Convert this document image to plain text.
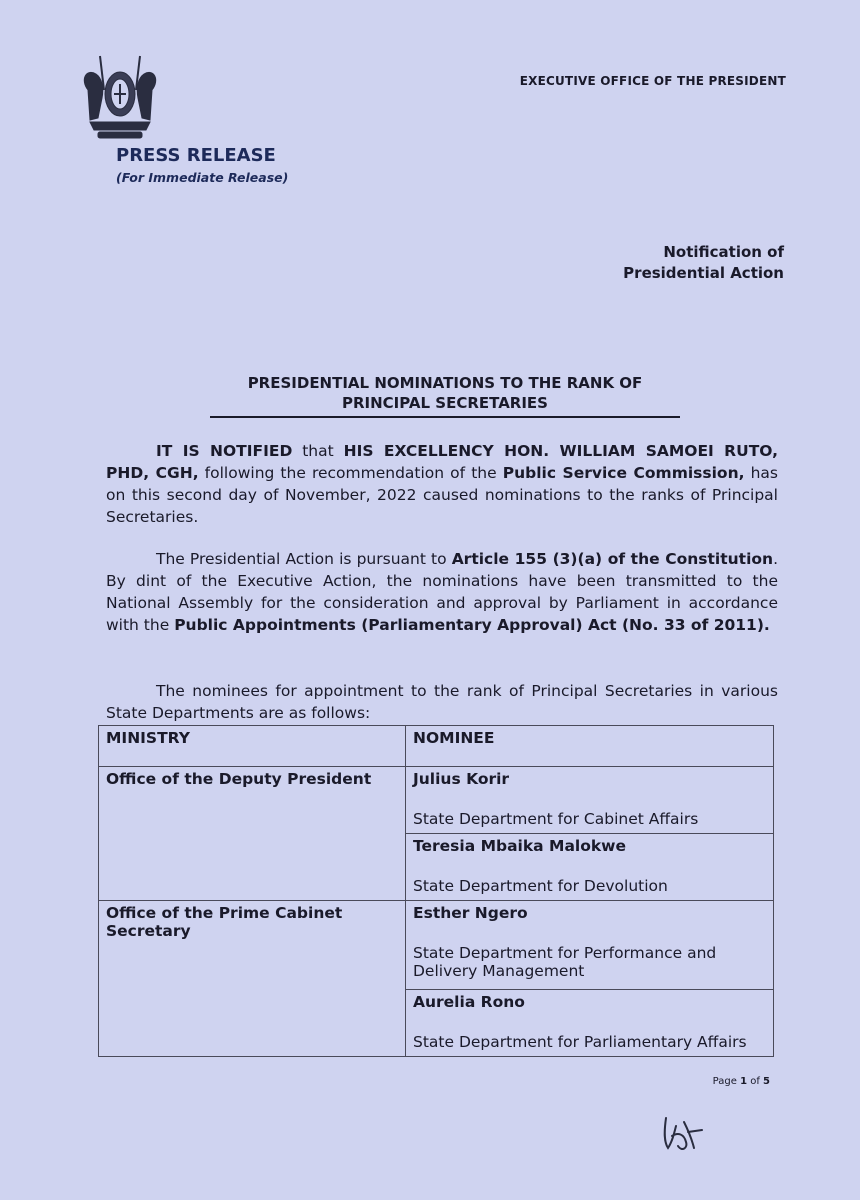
EXECUTIVE OFFICE OF THE PRESIDENT
PRESS RELEASE
(For Immediate Release)
Notification of
Presidential Action
PRESIDENTIAL NOMINATIONS TO THE RANK OF
PRINCIPAL SECRETARIES
IT IS NOTIFIED that HIS EXCELLENCY HON. WILLIAM SAMOEI RUTO, PHD, CGH, following the recommendation of the Public Service Commission, has on this second day of November, 2022 caused nominations to the ranks of Principal Secretaries.
The Presidential Action is pursuant to Article 155 (3)(a) of the Constitution. By dint of the Executive Action, the nominations have been transmitted to the National Assembly for the consideration and approval by Parliament in accordance with the Public Appointments (Parliamentary Approval) Act (No. 33 of 2011).
The nominees for appointment to the rank of Principal Secretaries in various State Departments are as follows:
MINISTRY	NOMINEE
Office of the Deputy President	Julius Korir
State Department for Cabinet Affairs

	Teresia Mbaika Malokwe
State Department for Devolution

Office of the Prime Cabinet Secretary	Esther Ngero
State Department for Performance and Delivery Management

	Aurelia Rono
State Department for Parliamentary Affairs
Page 1 of 5
